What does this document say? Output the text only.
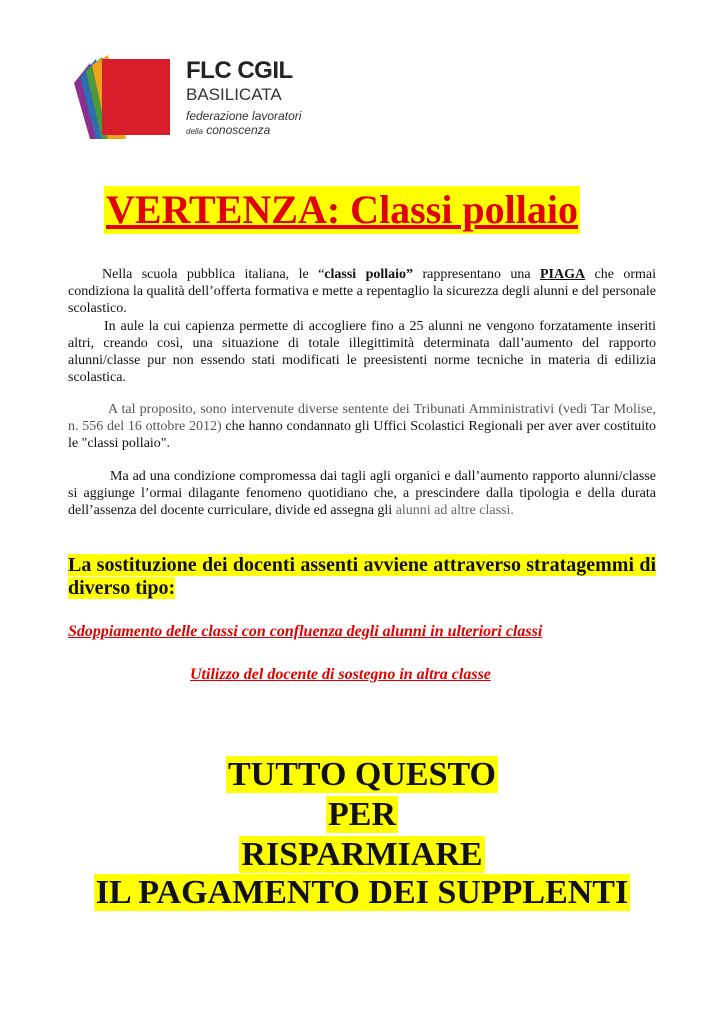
FLC CGIL
BASILICATA
federazione lavoratori
della conoscenza
VERTENZA: Classi pollaio
Nella scuola pubblica italiana, le “classi pollaio” rappresentano una PIAGA che ormai condiziona la qualità dell’offerta formativa e mette a repentaglio la sicurezza degli alunni e del personale scolastico.
In aule la cui capienza permette di accogliere fino a 25 alunni ne vengono forzatamente inseriti altri, creando così, una situazione di totale illegittimità determinata dall’aumento del rapporto alunni/classe pur non essendo stati modificati le preesistenti norme tecniche in materia di edilizia scolastica.
A tal proposito, sono intervenute diverse sentente dei Tribunati Amministrativi (vedi Tar Molise, n. 556 del 16 ottobre 2012) che hanno condannato gli Uffici Scolastici Regionali per aver aver costituito le "classi pollaio".
Ma ad una condizione compromessa dai tagli agli organici e dall’aumento rapporto alunni/classe si aggiunge l’ormai dilagante fenomeno quotidiano che, a prescindere dalla tipologia e della durata dell’assenza del docente curriculare, divide ed assegna gli alunni ad altre classi.
La sostituzione dei docenti assenti avviene attraverso stratagemmi di diverso tipo:
Sdoppiamento delle classi con confluenza degli alunni in ulteriori classi
Utilizzo del docente di sostegno in altra classe
TUTTO QUESTO
PER
RISPARMIARE
IL PAGAMENTO DEI SUPPLENTI
